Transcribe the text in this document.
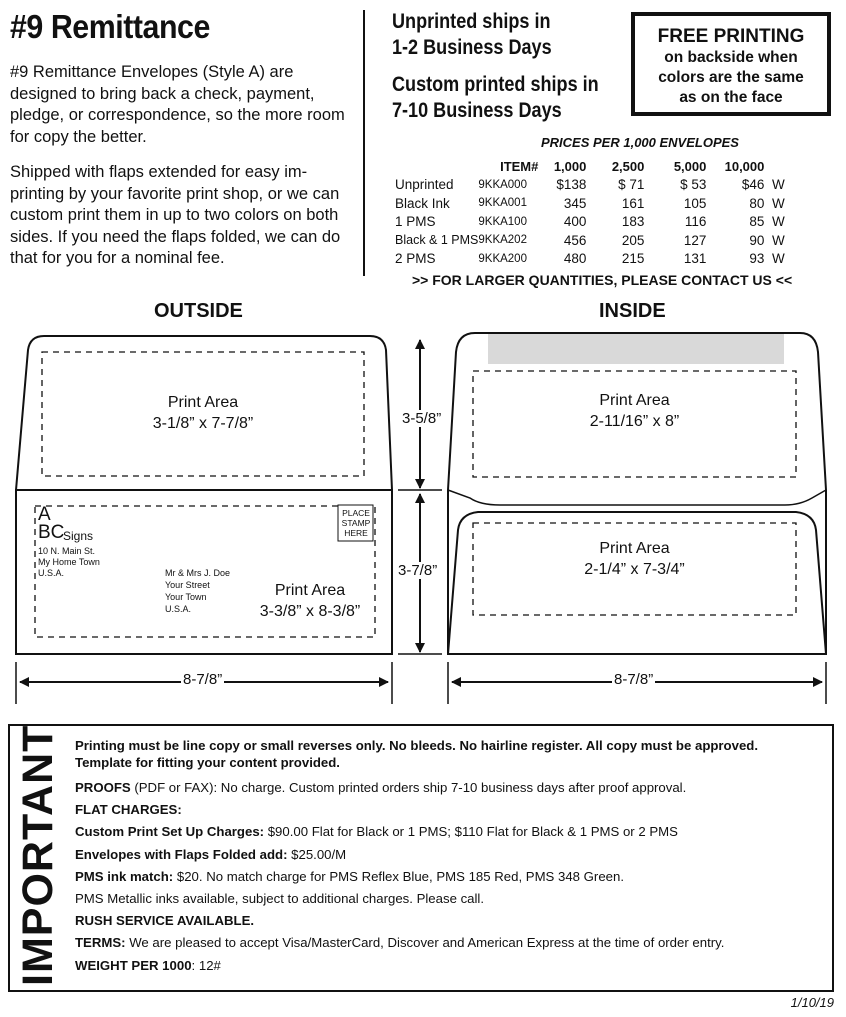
#9 Remittance
#9 Remittance Envelopes (Style A) are designed to bring back a check, payment, pledge, or correspondence, so the more room for copy the better.
Shipped with flaps extended for easy im-printing by your favorite print shop, or we can custom print them in up to two colors on both sides. If you need the flaps folded, we can do that for you for a nominal fee.
Unprinted ships in
1-2 Business Days
Custom printed ships in
7-10 Business Days
FREE PRINTING
on backside when
colors are the same
as on the face
PRICES PER 1,000 ENVELOPES
	ITEM#	1,000	2,500	5,000	10,000	
Unprinted	9KKA000	$138	$ 71	$ 53	$46	W
Black Ink	9KKA001	345	161	105	80	W
1 PMS	9KKA100	400	183	116	85	W
Black & 1 PMS	9KKA202	456	205	127	90	W
2 PMS	9KKA200	480	215	131	93	W
>> FOR LARGER QUANTITIES, PLEASE CONTACT US <<
OUTSIDE	INSIDE
Print Area
3-1/8” x 7-7/8”
Print Area
3-3/8” x 8-3/8”
Print Area
2-11/16” x 8”
Print Area
2-1/4” x 7-3/4”
PLACE STAMP HERE
A
BC
Signs
10 N. Main St.
My Home Town
U.S.A.	Mr & Mrs J. Doe
Your Street
Your Town
U.S.A.
3-5/8”
3-7/8”
8-7/8”	8-7/8”
IMPORTANT Printing must be line copy or small reverses only. No bleeds. No hairline register. All copy must be approved. Template for fitting your content provided.
PROOFS (PDF or FAX): No charge. Custom printed orders ship 7-10 business days after proof approval.
FLAT CHARGES:
Custom Print Set Up Charges: $90.00 Flat for Black or 1 PMS; $110 Flat for Black & 1 PMS or 2 PMS
Envelopes with Flaps Folded add: $25.00/M
PMS ink match: $20. No match charge for PMS Reflex Blue, PMS 185 Red, PMS 348 Green.
PMS Metallic inks available, subject to additional charges. Please call.
RUSH SERVICE AVAILABLE.
TERMS: We are pleased to accept Visa/MasterCard, Discover and American Express at the time of order entry.
WEIGHT PER 1000: 12#
1/10/19
